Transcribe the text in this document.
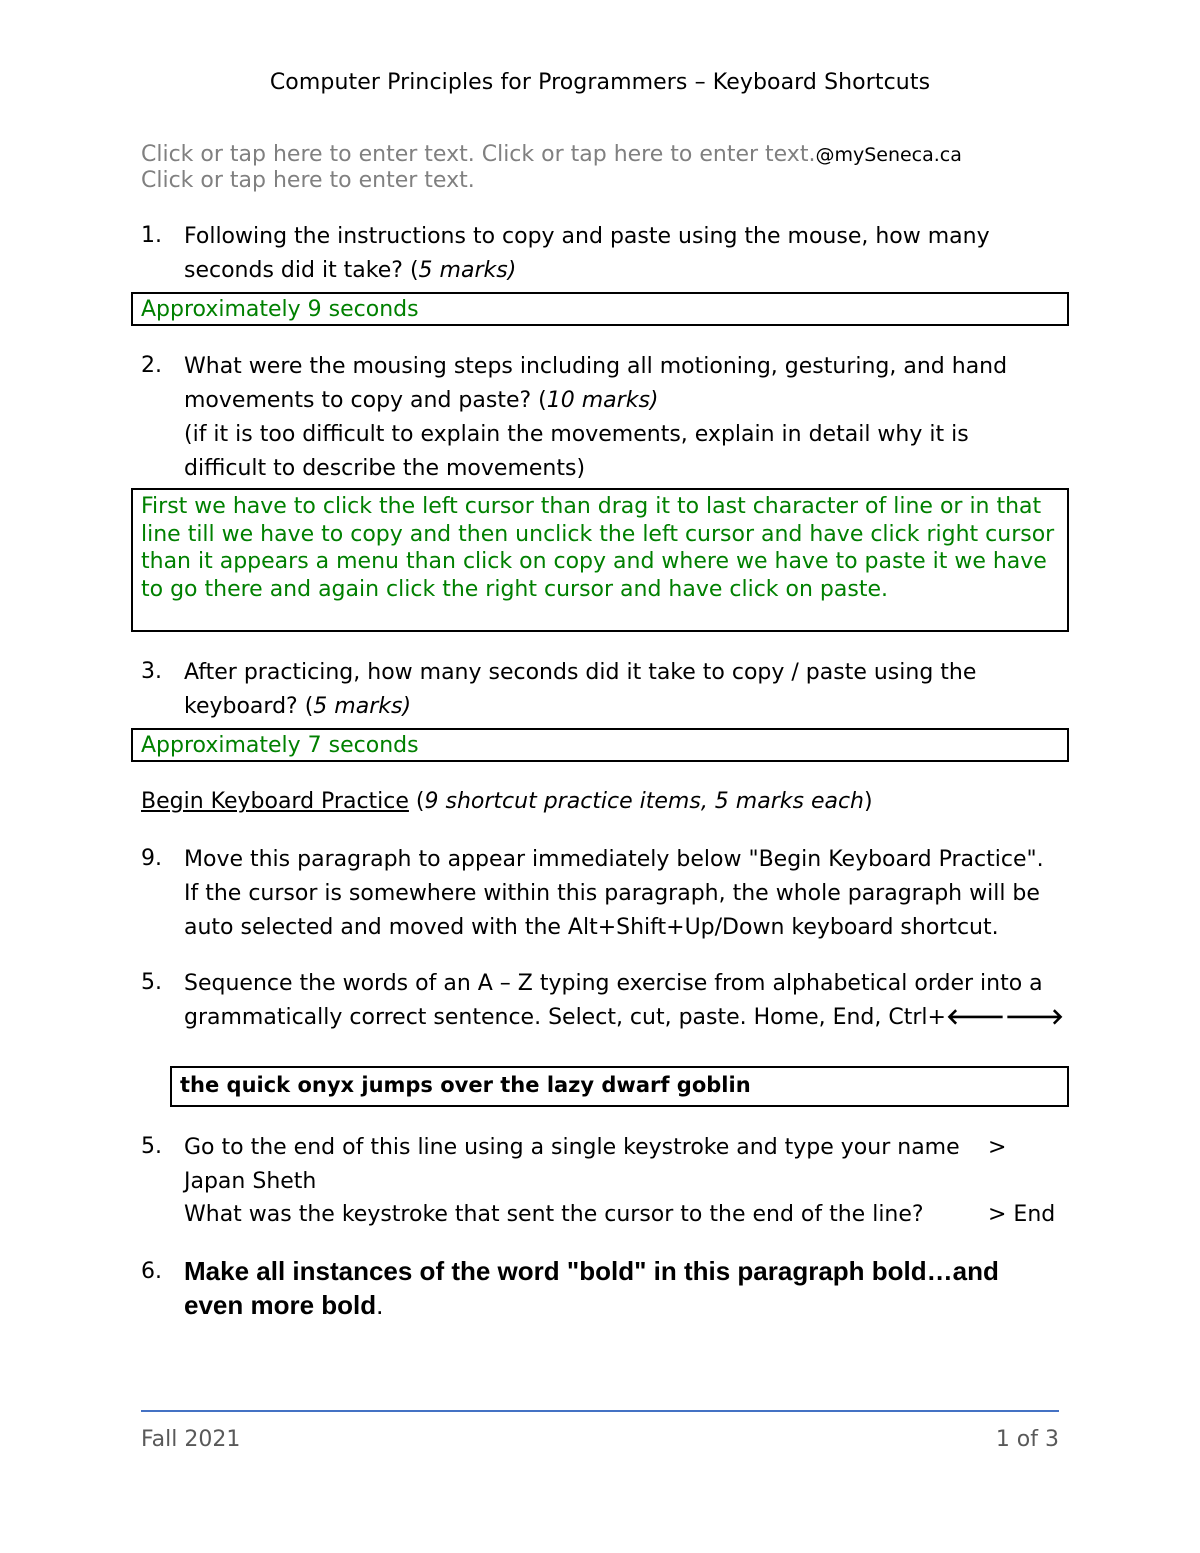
Computer Principles for Programmers – Keyboard Shortcuts
Click or tap here to enter text. Click or tap here to enter text.@mySeneca.ca
Click or tap here to enter text.
1. Following the instructions to copy and paste using the mouse, how many
seconds did it take? (5 marks)
Approximately 9 seconds
2. What were the mousing steps including all motioning, gesturing, and hand
movements to copy and paste? (10 marks)
(if it is too difficult to explain the movements, explain in detail why it is
difficult to describe the movements)
First we have to click the left cursor than drag it to last character of line or in that line till we have to copy and then unclick the left cursor and have click right cursor than it appears a menu than click on copy and where we have to paste it we have to go there and again click the right cursor and have click on paste.
3. After practicing, how many seconds did it take to copy / paste using the
keyboard? (5 marks)
Approximately 7 seconds
Begin Keyboard Practice (9 shortcut practice items, 5 marks each)
9. Move this paragraph to appear immediately below "Begin Keyboard Practice".
If the cursor is somewhere within this paragraph, the whole paragraph will be
auto selected and moved with the Alt+Shift+Up/Down keyboard shortcut.
5. Sequence the words of an A – Z typing exercise from alphabetical order into a
grammatically correct sentence. Select, cut, paste. Home, End, Ctrl+🡐🡒
the quick onyx jumps over the lazy dwarf goblin
5. Go to the end of this line using a single keystroke and type your name >
Japan Sheth
What was the keystroke that sent the cursor to the end of the line?	> End
6. Make all instances of the word "bold" in this paragraph bold…and
even more bold.
Fall 2021	1 of 3
